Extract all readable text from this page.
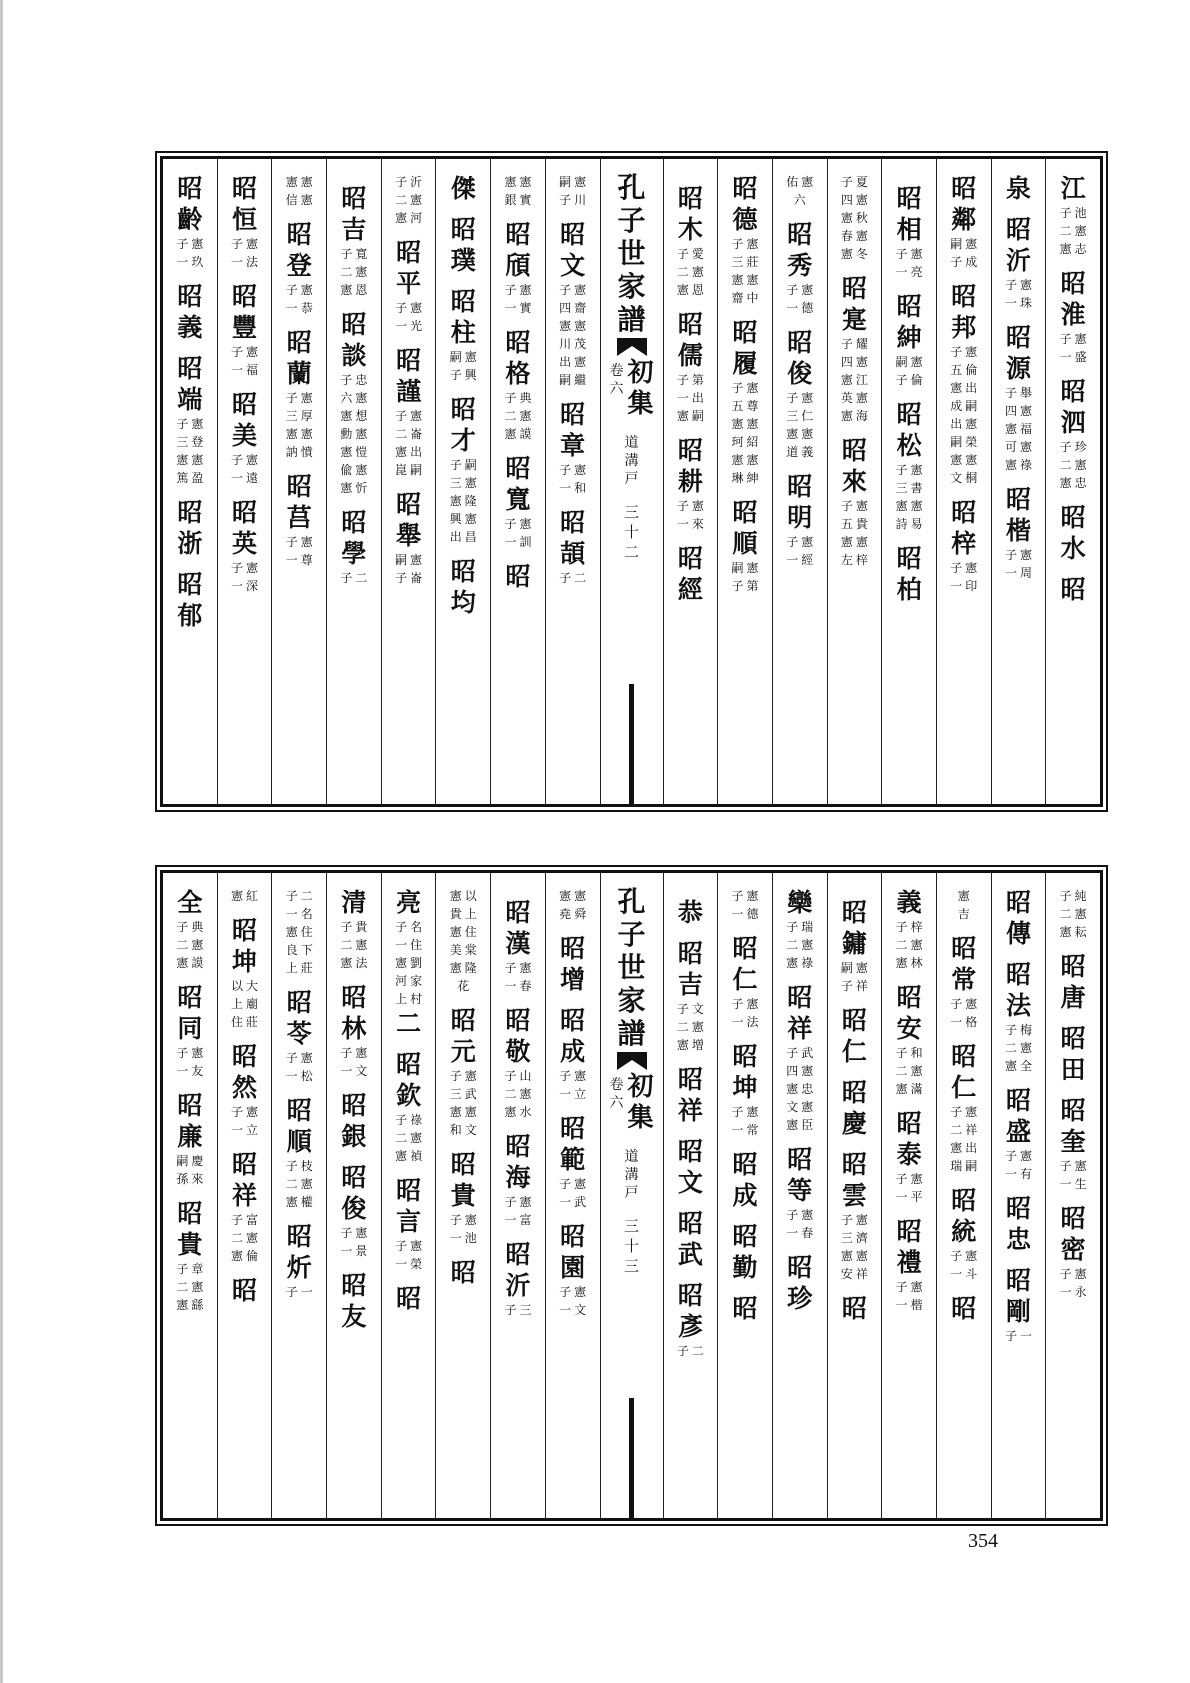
江
池
子
憲
二
志
憲
昭
淮
憲
子
盛
一
昭
泗
珍
子
憲
二
忠
憲
昭
水
昭
泉
昭
沂
憲
子
珠
一
昭
源
舉
子
憲
四
福
憲
憲
可
祿
憲
昭
楷
憲
子
周
一
昭
鄰
憲
嗣
成
子
昭
邦
憲
子
倫
五
出
憲
嗣
成
憲
出
榮
嗣
憲
憲
桐
文
昭
梓
憲
子
印
一
昭
相
憲
子
亮
一
昭
紳
憲
嗣
倫
子
昭
松
憲
子
書
三
憲
憲
易
詩
昭
柏
夏
子
憲
四
秋
憲
憲
春
冬
憲
昭
寔
耀
子
憲
四
江
憲
憲
英
海
憲
昭
來
憲
子
貴
五
憲
憲
梓
左
憲
佑
六
昭
秀
憲
子
德
一
昭
俊
憲
子
仁
三
憲
憲
義
道
昭
明
憲
子
經
一
昭
德
憲
子
莊
三
憲
憲
中
齋
昭
履
憲
子
尊
五
憲
憲
紹
珂
憲
憲
紳
琳
昭
順
憲
嗣
第
子
昭
木
愛
子
憲
二
恩
憲
昭
儒
第
子
出
一
嗣
憲
昭
耕
憲
子
來
一
昭
經
孔
子
世
家
譜
卷
六
初
集
道
溝
戸
三
十
二
憲
嗣
川
子
昭
文
憲
子
齋
四
憲
憲
茂
川
憲
出
繼
嗣
昭
章
憲
子
和
一
昭
頡
二
子
憲
憲
實
銀
昭
頎
憲
子
實
一
昭
格
典
子
憲
二
謨
憲
昭
寬
憲
子
訓
一
昭
傑
昭
璞
昭
柱
憲
嗣
興
子
昭
才
嗣
子
憲
三
隆
憲
憲
興
昌
出
昭
均
沂
子
憲
二
河
憲
昭
平
憲
子
光
一
昭
謹
憲
子
崙
二
出
憲
嗣
崑
昭
舉
憲
嗣
崙
子
昭
吉
寬
子
憲
二
恩
憲
昭
談
忠
子
憲
六
想
憲
憲
勳
愷
憲
憲
偸
忻
憲
昭
學
二
子
憲
憲
憲
信
昭
登
憲
子
恭
一
昭
蘭
憲
子
厚
三
憲
憲
憤
訥
昭
莒
憲
子
尊
一
昭
恒
憲
子
法
一
昭
豐
憲
子
福
一
昭
美
憲
子
遠
一
昭
英
憲
子
深
一
昭
齡
憲
子
玖
一
昭
義
昭
端
憲
子
登
三
憲
憲
盈
篤
昭
浙
昭
郁
純
子
憲
二
耘
憲
昭
唐
昭
田
昭
奎
憲
子
生
一
昭
密
憲
子
永
一
昭
傳
昭
法
梅
子
憲
二
全
憲
昭
盛
憲
子
有
一
昭
忠
昭
剛
一
子
憲
吉
昭
常
憲
子
格
一
昭
仁
憲
子
祥
二
出
憲
嗣
瑞
昭
統
憲
子
斗
一
昭
義
梓
子
憲
二
林
憲
昭
安
和
子
憲
二
滿
憲
昭
泰
憲
子
平
一
昭
禮
憲
子
楷
一
昭
鏞
憲
嗣
祥
子
昭
仁
昭
慶
昭
雲
憲
子
濟
三
憲
憲
祥
安
昭
欒
瑞
子
憲
二
祿
憲
昭
祥
武
子
憲
四
忠
憲
憲
文
臣
憲
昭
等
憲
子
春
一
昭
珍
憲
子
德
一
昭
仁
憲
子
法
一
昭
坤
憲
子
常
一
昭
成
昭
勤
昭
恭
昭
吉
文
子
憲
二
增
憲
昭
祥
昭
文
昭
武
昭
彥
二
子
孔
子
世
家
譜
卷
六
初
集
道
溝
戸
三
十
三
憲
憲
舜
堯
昭
增
昭
成
憲
子
立
一
昭
範
憲
子
武
一
昭
園
憲
子
文
一
昭
漢
憲
子
春
一
昭
敬
山
子
憲
二
水
憲
昭
海
憲
子
富
一
昭
沂
三
子
以
憲
上
貴
住
憲
棠
美
隆
憲
花
昭
元
憲
子
武
三
憲
憲
文
和
昭
貴
憲
子
池
一
昭
亮
名
子
住
一
劉
憲
家
河
村
上
二
昭
欽
祿
子
憲
二
禎
憲
昭
言
憲
子
榮
一
昭
清
貴
子
憲
二
法
憲
昭
林
憲
子
文
一
昭
銀
昭
俊
憲
子
景
一
昭
友
二
子
名
一
住
憲
下
良
莊
上
昭
苓
憲
子
松
一
昭
順
枝
子
憲
二
權
憲
昭
炘
一
子
紅
憲
昭
坤
大
以
廟
上
莊
住
昭
然
憲
子
立
一
昭
祥
富
子
憲
二
倫
憲
昭
全
典
子
憲
二
謨
憲
昭
同
憲
子
友
一
昭
廉
慶
嗣
來
孫
昭
貴
章
子
憲
二
繇
憲
354
